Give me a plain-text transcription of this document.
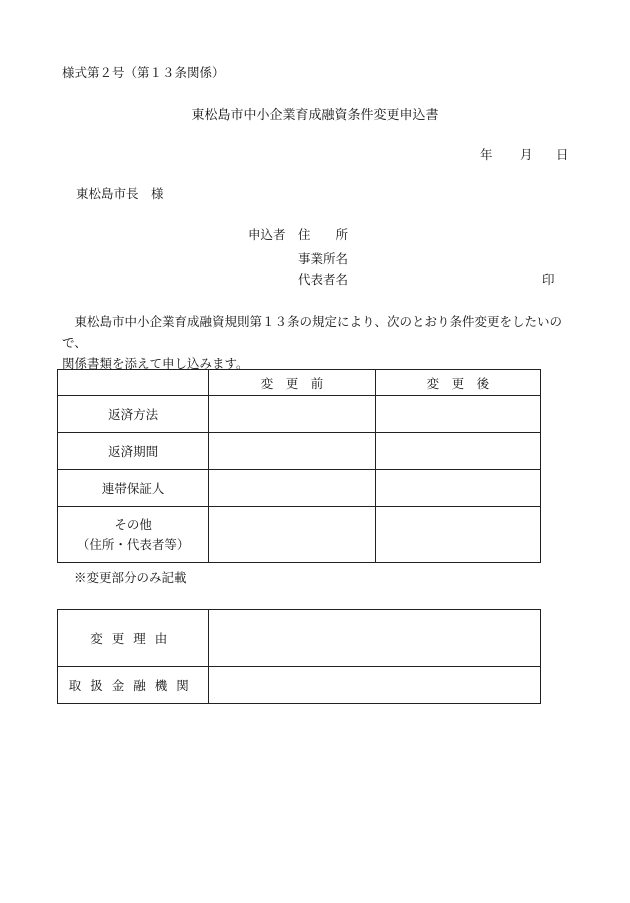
様式第２号（第１３条関係）
東松島市中小企業育成融資条件変更申込書
年 月 日
東松島市長　様
申込者 住　　所
事業所名
代表者名	印

　東松島市中小企業育成融資規則第１３条の規定により、次のとおり条件変更をしたいので、

関係書類を添えて申し込みます。

	変　更　前	変　更　後
返済方法		
返済期間		
連帯保証人		

その他
（住所・代表者等）		

※変更部分のみ記載
変更理由	
取扱金融機関	
